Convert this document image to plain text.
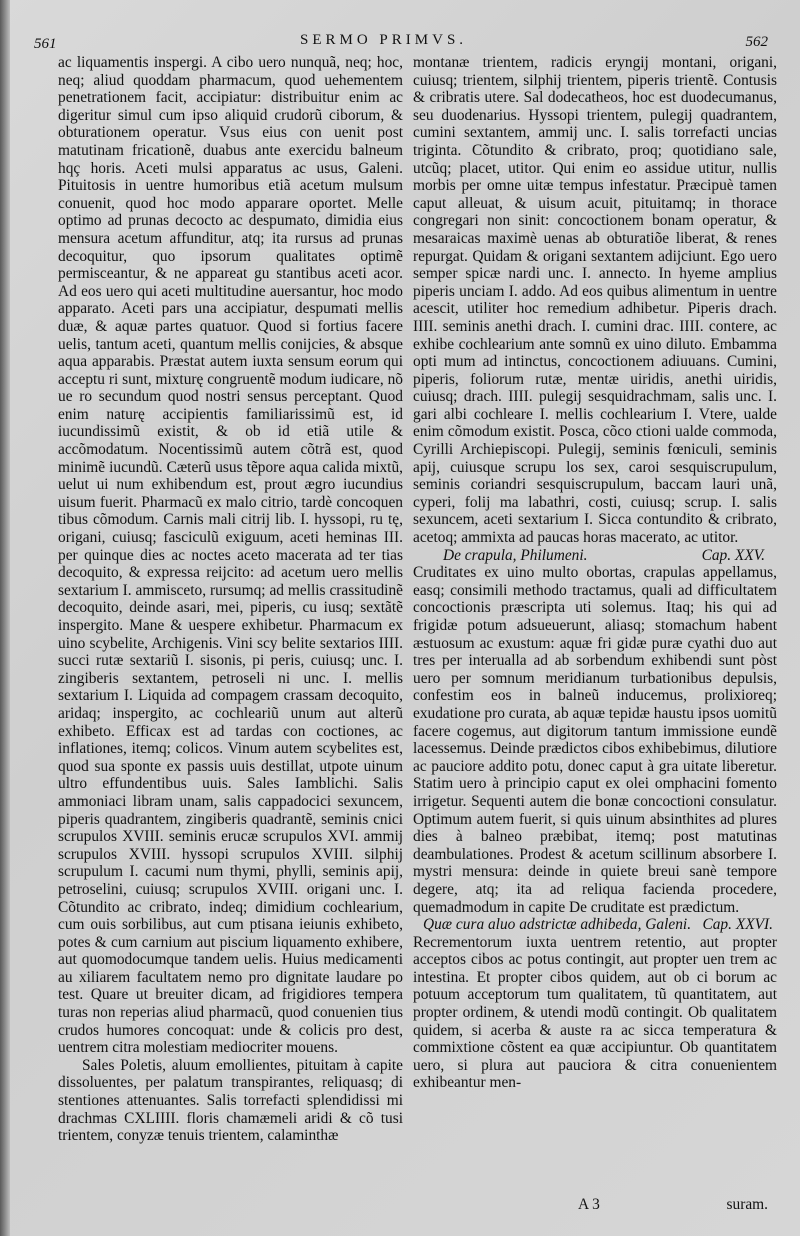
561	SERMO PRIMVS.	562

ac liquamentis inspergi. A cibo uero nunquã, neq; hoc, neq; aliud quoddam pharmacum, quod uehementem penetrationem facit, accipiatur: distribuitur enim ac digeritur simul cum ipso aliquid crudorũ ciborum, & obturationem operatur. Vsus eius con uenit post matutinam fricationẽ, duabus ante exercidu balneum hqç horis. Aceti mulsi apparatus ac usus, Galeni. Pituitosis in uentre humoribus etiã acetum mulsum conuenit, quod hoc modo apparare oportet. Melle optimo ad prunas decocto ac despumato, dimidia eius mensura acetum affunditur, atq; ita rursus ad prunas decoquitur, quo ipsorum qualitates optimẽ permisceantur, & ne appareat gu stantibus aceti acor. Ad eos uero qui aceti multitudine auersantur, hoc modo apparato. Aceti pars una accipiatur, despumati mellis duæ, & aquæ partes quatuor. Quod si fortius facere uelis, tantum aceti, quantum mellis conijcies, & absque aqua apparabis. Præstat autem iuxta sensum eorum qui acceptu ri sunt, mixturę congruentẽ modum iudicare, nõ ue ro secundum quod nostri sensus perceptant. Quod enim naturę accipientis familiarissimũ est, id iucundissimũ existit, & ob id etiã utile & accõmodatum. Nocentissimũ autem cõtrã est, quod minimẽ iucundũ. Cæterũ usus tẽpore aqua calida mixtũ, uelut ui num exhibendum est, prout ægro iucundius uisum fuerit. Pharmacũ ex malo citrio, tardè concoquen tibus cõmodum. Carnis mali citrij lib. I. hyssopi, ru tę, origani, cuiusq; fasciculũ exiguum, aceti heminas III. per quinque dies ac noctes aceto macerata ad ter tias decoquito, & expressa reijcito: ad acetum uero mellis sextarium I. ammisceto, rursumq; ad mellis crassitudinẽ decoquito, deinde asari, mei, piperis, cu iusq; sextãtẽ inspergito. Mane & uespere exhibetur. Pharmacum ex uino scybelite, Archigenis. Vini scy belite sextarios IIII. succi rutæ sextariũ I. sisonis, pi peris, cuiusq; unc. I. zingiberis sextantem, petroseli ni unc. I. mellis sextarium I. Liquida ad compagem crassam decoquito, aridaq; inspergito, ac cochleariũ unum aut alterũ exhibeto. Efficax est ad tardas con coctiones, ac inflationes, itemq; colicos. Vinum autem scybelites est, quod sua sponte ex passis uuis destillat, utpote uinum ultro effundentibus uuis. Sales Iamblichi. Salis ammoniaci libram unam, salis cappadocici sexuncem, piperis quadrantem, zingiberis quadrantẽ, seminis cnici scrupulos XVIII. seminis erucæ scrupulos XVI. ammij scrupulos XVIII. hyssopi scrupulos XVIII. silphij scrupulum I. cacumi num thymi, phylli, seminis apij, petroselini, cuiusq; scrupulos XVIII. origani unc. I. Cõtundito ac cribrato, indeq; dimidium cochlearium, cum ouis sorbilibus, aut cum ptisana ieiunis exhibeto, potes & cum carnium aut piscium liquamento exhibere, aut quomodocumque tandem uelis. Huius medicamenti au xiliarem facultatem nemo pro dignitate laudare po test. Quare ut breuiter dicam, ad frigidiores tempera turas non reperias aliud pharmacũ, quod conuenien tius crudos humores concoquat: unde & colicis pro dest, uentrem citra molestiam mediocriter mouens.

Sales Poletis, aluum emollientes, pituitam à capite dissoluentes, per palatum transpirantes, reliquasq; di stentiones attenuantes. Salis torrefacti splendidissi mi drachmas CXLIIII. floris chamæmeli aridi & cõ tusi trientem, conyzæ tenuis trientem, calaminthæ

montanæ trientem, radicis eryngij montani, origani, cuiusq; trientem, silphij trientem, piperis trientẽ. Contusis & cribratis utere. Sal dodecatheos, hoc est duodecumanus, seu duodenarius. Hyssopi trientem, pulegij quadrantem, cumini sextantem, ammij unc. I. salis torrefacti uncias triginta. Cõtundito & cribrato, proq; quotidiano sale, utcũq; placet, utitor. Qui enim eo assidue utitur, nullis morbis per omne uitæ tempus infestatur. Præcipuè tamen caput alleuat, & uisum acuit, pituitamq; in thorace congregari non sinit: concoctionem bonam operatur, & mesaraicas maximè uenas ab obturatiõe liberat, & renes repurgat. Quidam & origani sextantem adijciunt. Ego uero semper spicæ nardi unc. I. annecto. In hyeme amplius piperis unciam I. addo. Ad eos quibus alimentum in uentre acescit, utiliter hoc remedium adhibetur. Piperis drach. IIII. seminis anethi drach. I. cumini drac. IIII. contere, ac exhibe cochlearium ante somnũ ex uino diluto. Embamma opti mum ad intinctus, concoctionem adiuuans. Cumini, piperis, foliorum rutæ, mentæ uiridis, anethi uiridis, cuiusq; drach. IIII. pulegij sesquidrachmam, salis unc. I. gari albi cochleare I. mellis cochlearium I. Vtere, ualde enim cõmodum existit. Posca, cõco ctioni ualde commoda, Cyrilli Archiepiscopi. Pulegij, seminis fœniculi, seminis apij, cuiusque scrupu los sex, caroi sesquiscrupulum, seminis coriandri sesquiscrupulum, baccam lauri unã, cyperi, folij ma labathri, costi, cuiusq; scrup. I. salis sexuncem, aceti sextarium I. Sicca contundito & cribrato, acetoq; ammixta ad paucas horas macerato, ac utitor.

De crapula, Philumeni.	Cap. XXV.

Cruditates ex uino multo obortas, crapulas appellamus, easq; consimili methodo tractamus, quali ad difficultatem concoctionis præscripta uti solemus. Itaq; his qui ad frigidæ potum adsueuerunt, aliasq; stomachum habent æstuosum ac exustum: aquæ fri gidæ puræ cyathi duo aut tres per interualla ad ab sorbendum exhibendi sunt pòst uero per somnum meridianum turbationibus depulsis, confestim eos in balneũ inducemus, prolixioreq; exudatione pro curata, ab aquæ tepidæ haustu ipsos uomitũ facere cogemus, aut digitorum tantum immissione eundẽ lacessemus. Deinde prædictos cibos exhibebimus, dilutiore ac pauciore addito potu, donec caput à gra uitate liberetur. Statim uero à principio caput ex olei omphacini fomento irrigetur. Sequenti autem die bonæ concoctioni consulatur. Optimum autem fuerit, si quis uinum absinthites ad plures dies à balneo præbibat, itemq; post matutinas deambulationes. Prodest & acetum scillinum absorbere I. mystri mensura: deinde in quiete breui sanè tempore degere, atq; ita ad reliqua facienda procedere, quemadmodum in capite De cruditate est prædictum.

Quæ cura aluo adstrictæ adhibeda, Galeni. Cap. XXVI.

Recrementorum iuxta uentrem retentio, aut propter acceptos cibos ac potus contingit, aut propter uen trem ac intestina. Et propter cibos quidem, aut ob ci borum ac potuum acceptorum tum qualitatem, tũ quantitatem, aut propter ordinem, & utendi modũ contingit. Ob qualitatem quidem, si acerba & auste ra ac sicca temperatura & commixtione cõstent ea quæ accipiuntur. Ob quantitatem uero, si plura aut pauciora & citra conuenientem exhibeantur men-

A 3	suram.
